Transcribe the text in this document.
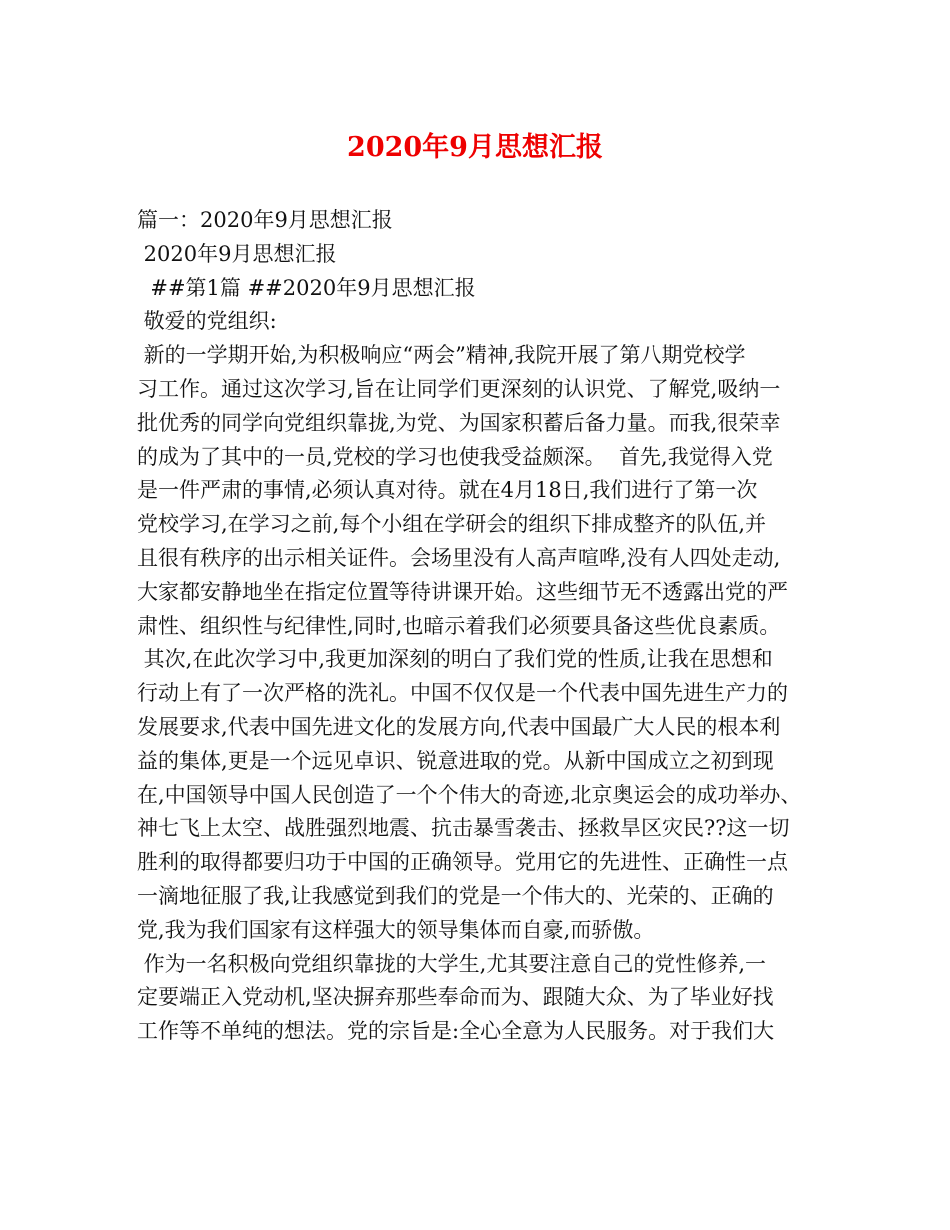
2020年9月思想汇报

篇一：2020年9月思想汇报

2020年9月思想汇报

##第1篇 ##2020年9月思想汇报

敬爱的党组织:

新的一学期开始,为积极响应“两会”精神,我院开展了第八期党校学

习工作。通过这次学习,旨在让同学们更深刻的认识党、了解党,吸纳一

批优秀的同学向党组织靠拢,为党、为国家积蓄后备力量。而我,很荣幸

的成为了其中的一员,党校的学习也使我受益颇深。  首先,我觉得入党

是一件严肃的事情,必须认真对待。就在4月18日,我们进行了第一次

党校学习,在学习之前,每个小组在学研会的组织下排成整齐的队伍,并

且很有秩序的出示相关证件。会场里没有人高声喧哗,没有人四处走动,

大家都安静地坐在指定位置等待讲课开始。这些细节无不透露出党的严

肃性、组织性与纪律性,同时,也暗示着我们必须要具备这些优良素质。

其次,在此次学习中,我更加深刻的明白了我们党的性质,让我在思想和

行动上有了一次严格的洗礼。中国不仅仅是一个代表中国先进生产力的

发展要求,代表中国先进文化的发展方向,代表中国最广大人民的根本利

益的集体,更是一个远见卓识、锐意进取的党。从新中国成立之初到现

在,中国领导中国人民创造了一个个伟大的奇迹,北京奥运会的成功举办、

神七飞上太空、战胜强烈地震、抗击暴雪袭击、拯救旱区灾民??这一切

胜利的取得都要归功于中国的正确领导。党用它的先进性、正确性一点

一滴地征服了我,让我感觉到我们的党是一个伟大的、光荣的、正确的

党,我为我们国家有这样强大的领导集体而自豪,而骄傲。

作为一名积极向党组织靠拢的大学生,尤其要注意自己的党性修养,一

定要端正入党动机,坚决摒弃那些奉命而为、跟随大众、为了毕业好找

工作等不单纯的想法。党的宗旨是:全心全意为人民服务。对于我们大
